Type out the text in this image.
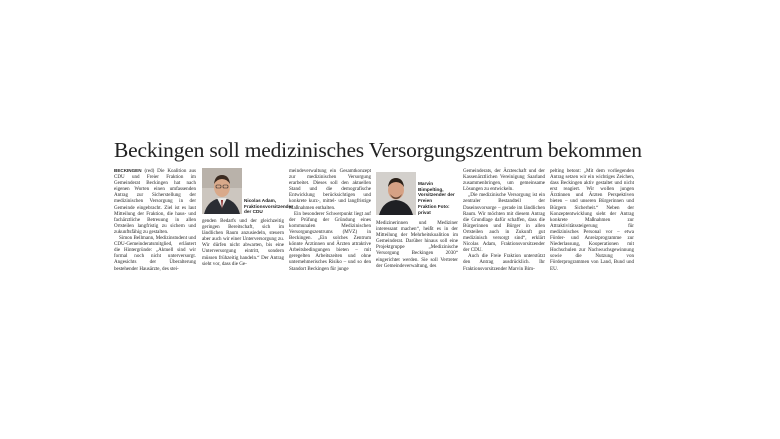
Beckingen soll medizinisches Versorgungszentrum bekommen

BECKINGEN (red) Die Koalition aus CDU und Freier Fraktion im Gemeinderat Beckingen hat nach eigenen Worten einen umfassenden Antrag zur Sicherstellung der medizinischen Versorgung in der Gemeinde eingebracht. Ziel ist es laut Mitteilung der Fraktion, die haus- und fachärztliche Betreuung in allen Ortsteilen langfristig zu sichern und zukunftsfähig zu gestalten.

Simon Bellmann, Medizinstudent und CDU-Gemeinderatsmitglied, erläutert die Hintergründe: „Aktuell sind wir formal noch nicht unterversorgt. Angesichts der Überalterung bestehender Hausärzte, des stei-

Nicolas Adam,
Fraktionsvorsitzender der CDU

genden Bedarfs und der gleichzeitig geringen Bereitschaft, sich im ländlichen Raum anzusiedeln, steuern aber auch wir einer Unterversorgung zu. Wir dürfen nicht abwarten, bis eine Unterversorgung eintritt, sondern müssen frühzeitig handeln.“ Der Antrag sieht vor, dass die Ge-

meindeverwaltung ein Gesamtkonzept zur medizinischen Versorgung erarbeitet. Dieses soll den aktuellen Stand und die demografische Entwicklung berücksichtigen und konkrete kurz-, mittel- und langfristige Maßnahmen enthalten.

Ein besonderer Schwerpunkt liegt auf der Prüfung der Gründung eines kommunalen Medizinischen Versorgungszentrums (MVZ) in Beckingen. „Ein solches Zentrum könnte Ärztinnen und Ärzten attraktive Arbeitsbedingungen bieten – mit geregelten Arbeitszeiten und ohne unternehmerisches Risiko – und so den Standort Beckingen für junge

Marvin Bimpelting, Vorsitzender der Freien
Fraktion Foto: privat

Medizinerinnen und Mediziner interessant machen“, heißt es in der Mitteilung der Mehrheitskoalition im Gemeinderat. Darüber hinaus soll eine Projektgruppe „Medizinische Versorgung Beckingen 2030“ eingerichtet werden. Sie soll Vertreter der Gemeindeverwaltung, des

Gemeinderats, der Ärzteschaft und der Kassenärztlichen Vereinigung Saarland zusammenbringen, um gemeinsame Lösungen zu entwickeln.

„Die medizinische Versorgung ist ein zentraler Bestandteil der Daseinsvorsorge – gerade im ländlichen Raum. Wir möchten mit diesem Antrag die Grundlage dafür schaffen, dass die Bürgerinnen und Bürger in allen Ortsteilen auch in Zukunft gut medizinisch versorgt sind“, erklärt Nicolas Adam, Fraktionsvorsitzender der CDU.

Auch die Freie Fraktion unterstützt den Antrag ausdrücklich. Ihr Fraktionsvorsitzender Marvin Bim-

pelting betont: „Mit dem vorliegenden Antrag setzen wir ein wichtiges Zeichen, dass Beckingen aktiv gestaltet und nicht erst reagiert. Wir wollen jungen Ärztinnen und Ärzten Perspektiven bieten – und unseren Bürgerinnen und Bürgern Sicherheit.“ Neben der Konzeptentwicklung sieht der Antrag konkrete Maßnahmen zur Attraktivitätssteigerung für medizinisches Personal vor – etwa Förder- und Anreizprogramme zur Niederlassung, Kooperationen mit Hochschulen zur Nachwuchsgewinnung sowie die Nutzung von Förderprogrammen von Land, Bund und EU.
